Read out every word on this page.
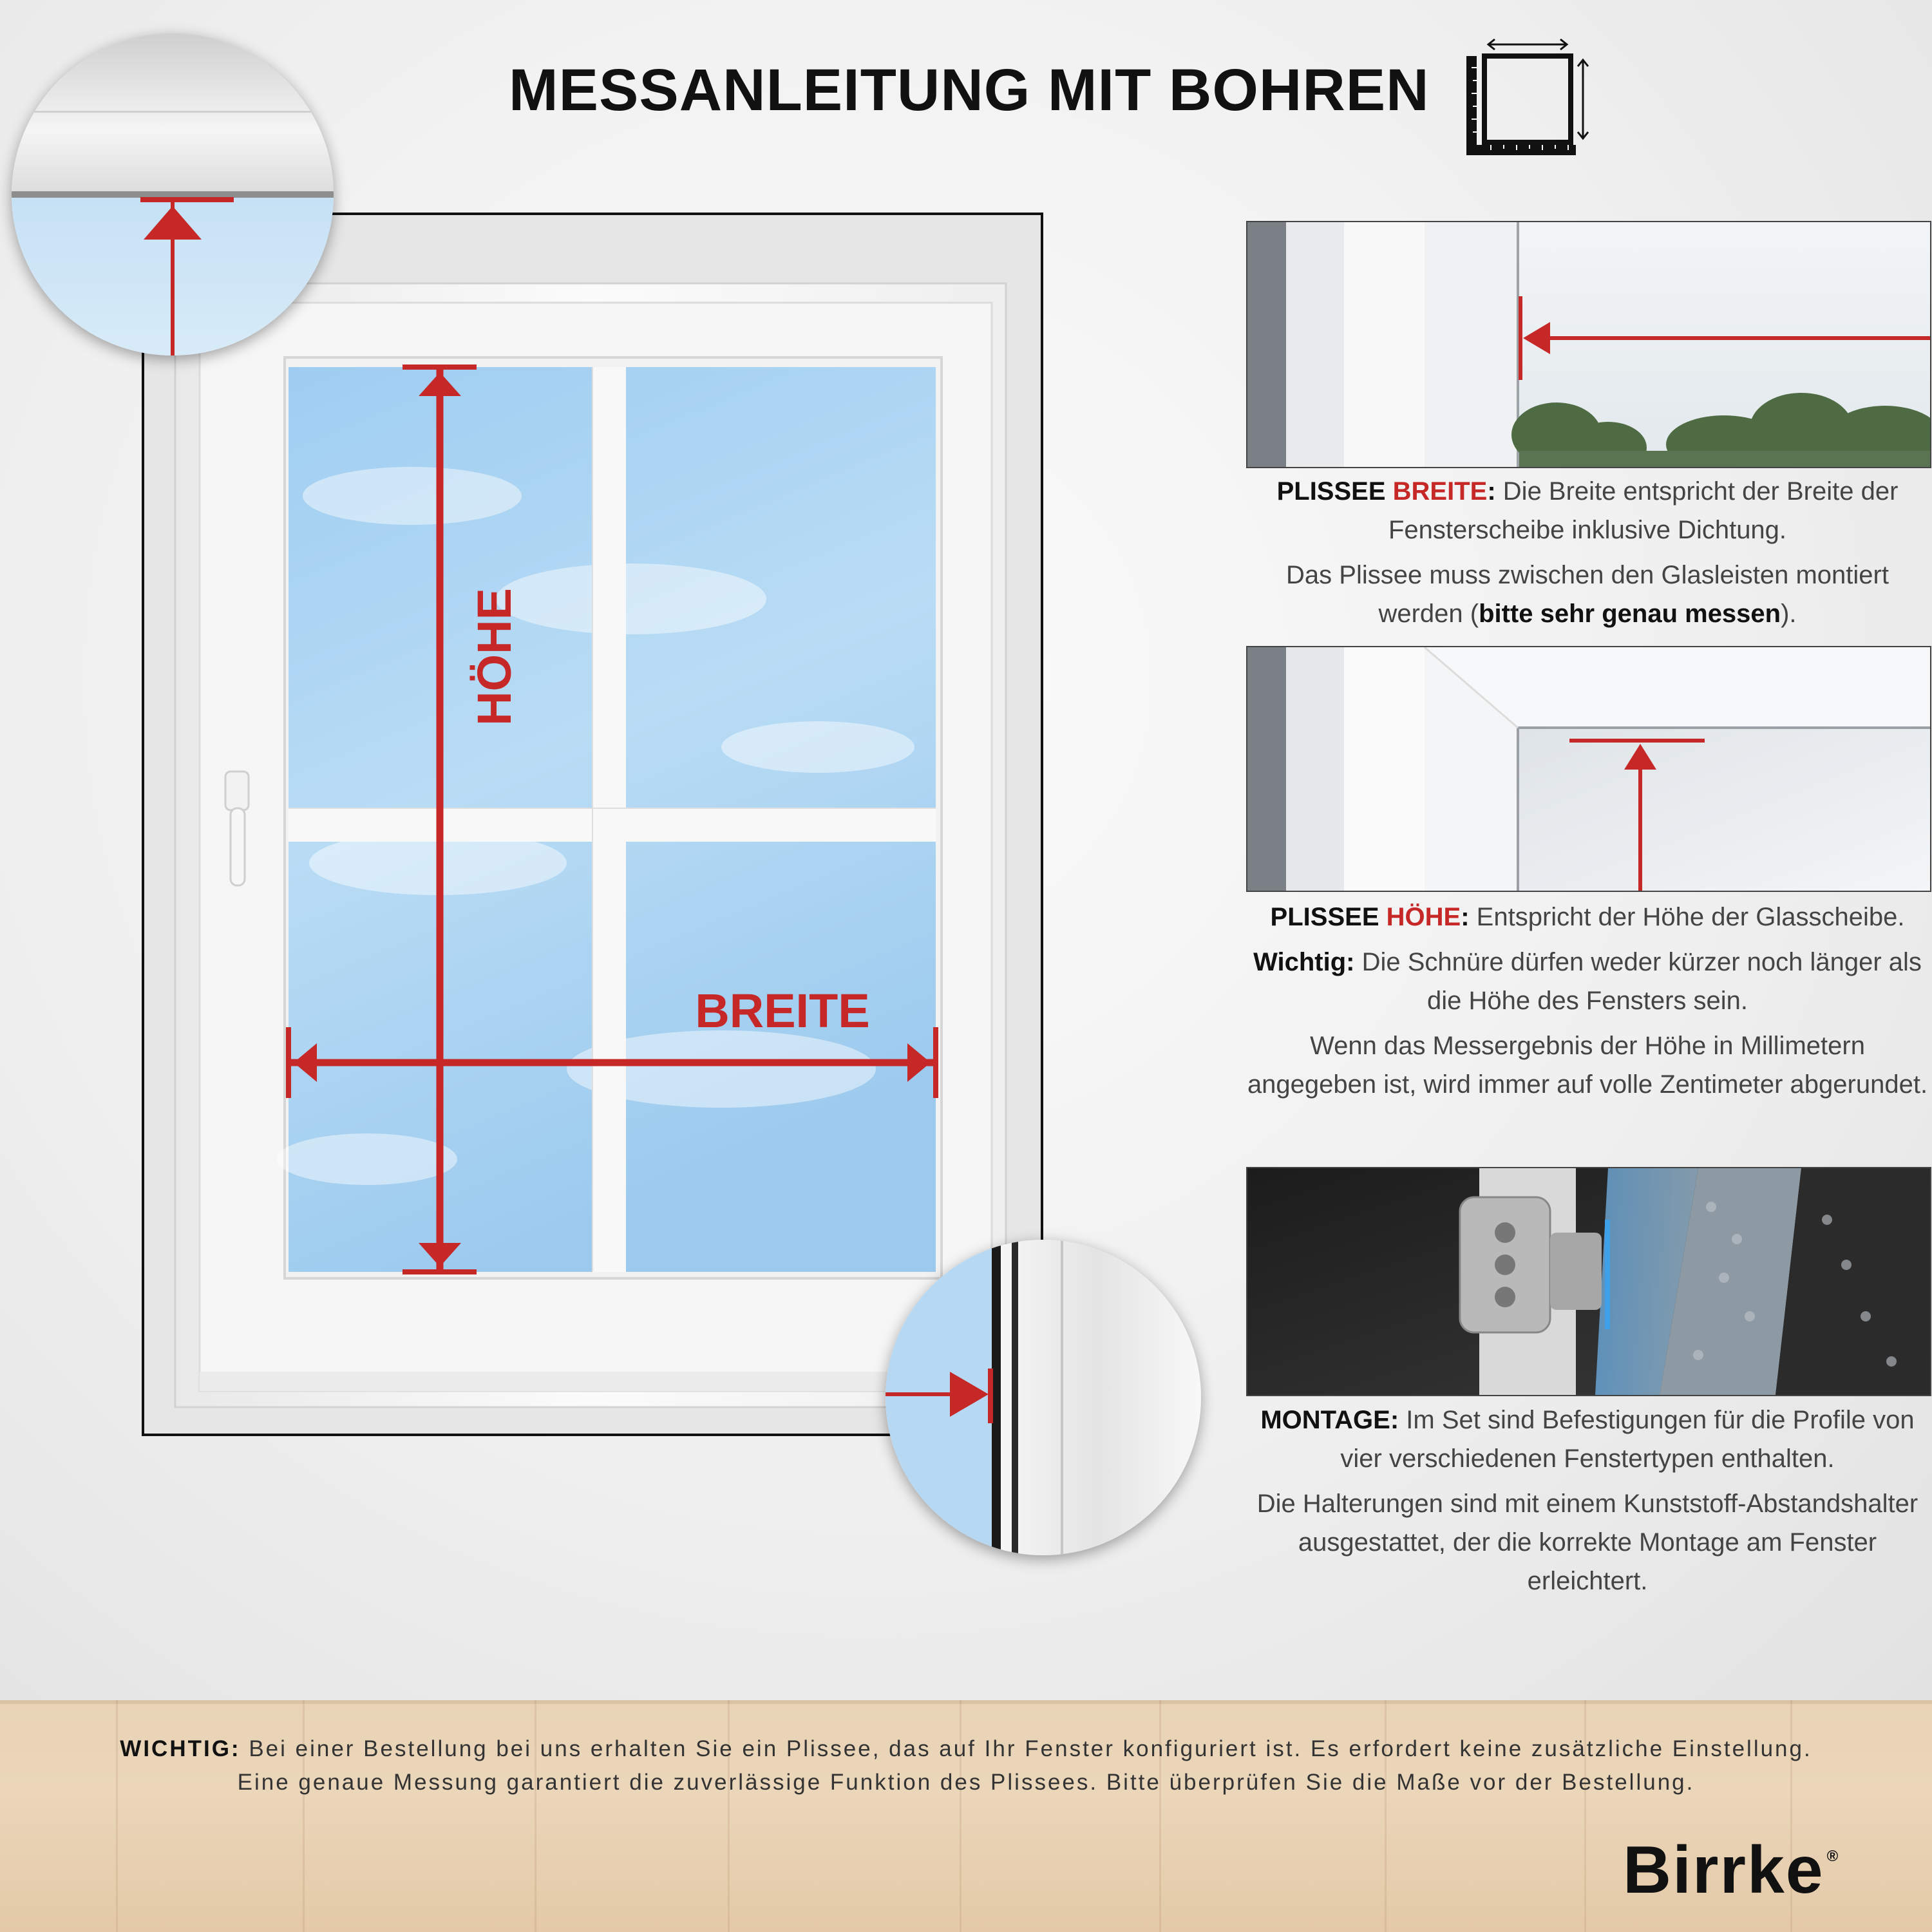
MESSANLEITUNG MIT BOHREN
HÖHE
BREITE

PLISSEE BREITE: Die Breite entspricht der Breite der Fensterscheibe inklusive Dichtung.

Das Plissee muss zwischen den Glasleisten montiert werden (bitte sehr genau messen).

PLISSEE HÖHE: Entspricht der Höhe der Glasscheibe.

Wichtig: Die Schnüre dürfen weder kürzer noch länger als die Höhe des Fensters sein.

Wenn das Messergebnis der Höhe in Millimetern angegeben ist, wird immer auf volle Zentimeter abgerundet.

MONTAGE: Im Set sind Befestigungen für die Profile von vier verschiedenen Fenstertypen enthalten.

Die Halterungen sind mit einem Kunststoff-Abstandshalter ausgestattet, der die korrekte Montage am Fenster erleichtert.

WICHTIG: Bei einer Bestellung bei uns erhalten Sie ein Plissee, das auf Ihr Fenster konfiguriert ist. Es erfordert keine zusätzliche Einstellung.
Eine genaue Messung garantiert die zuverlässige Funktion des Plissees. Bitte überprüfen Sie die Maße vor der Bestellung.
Birrke ®
